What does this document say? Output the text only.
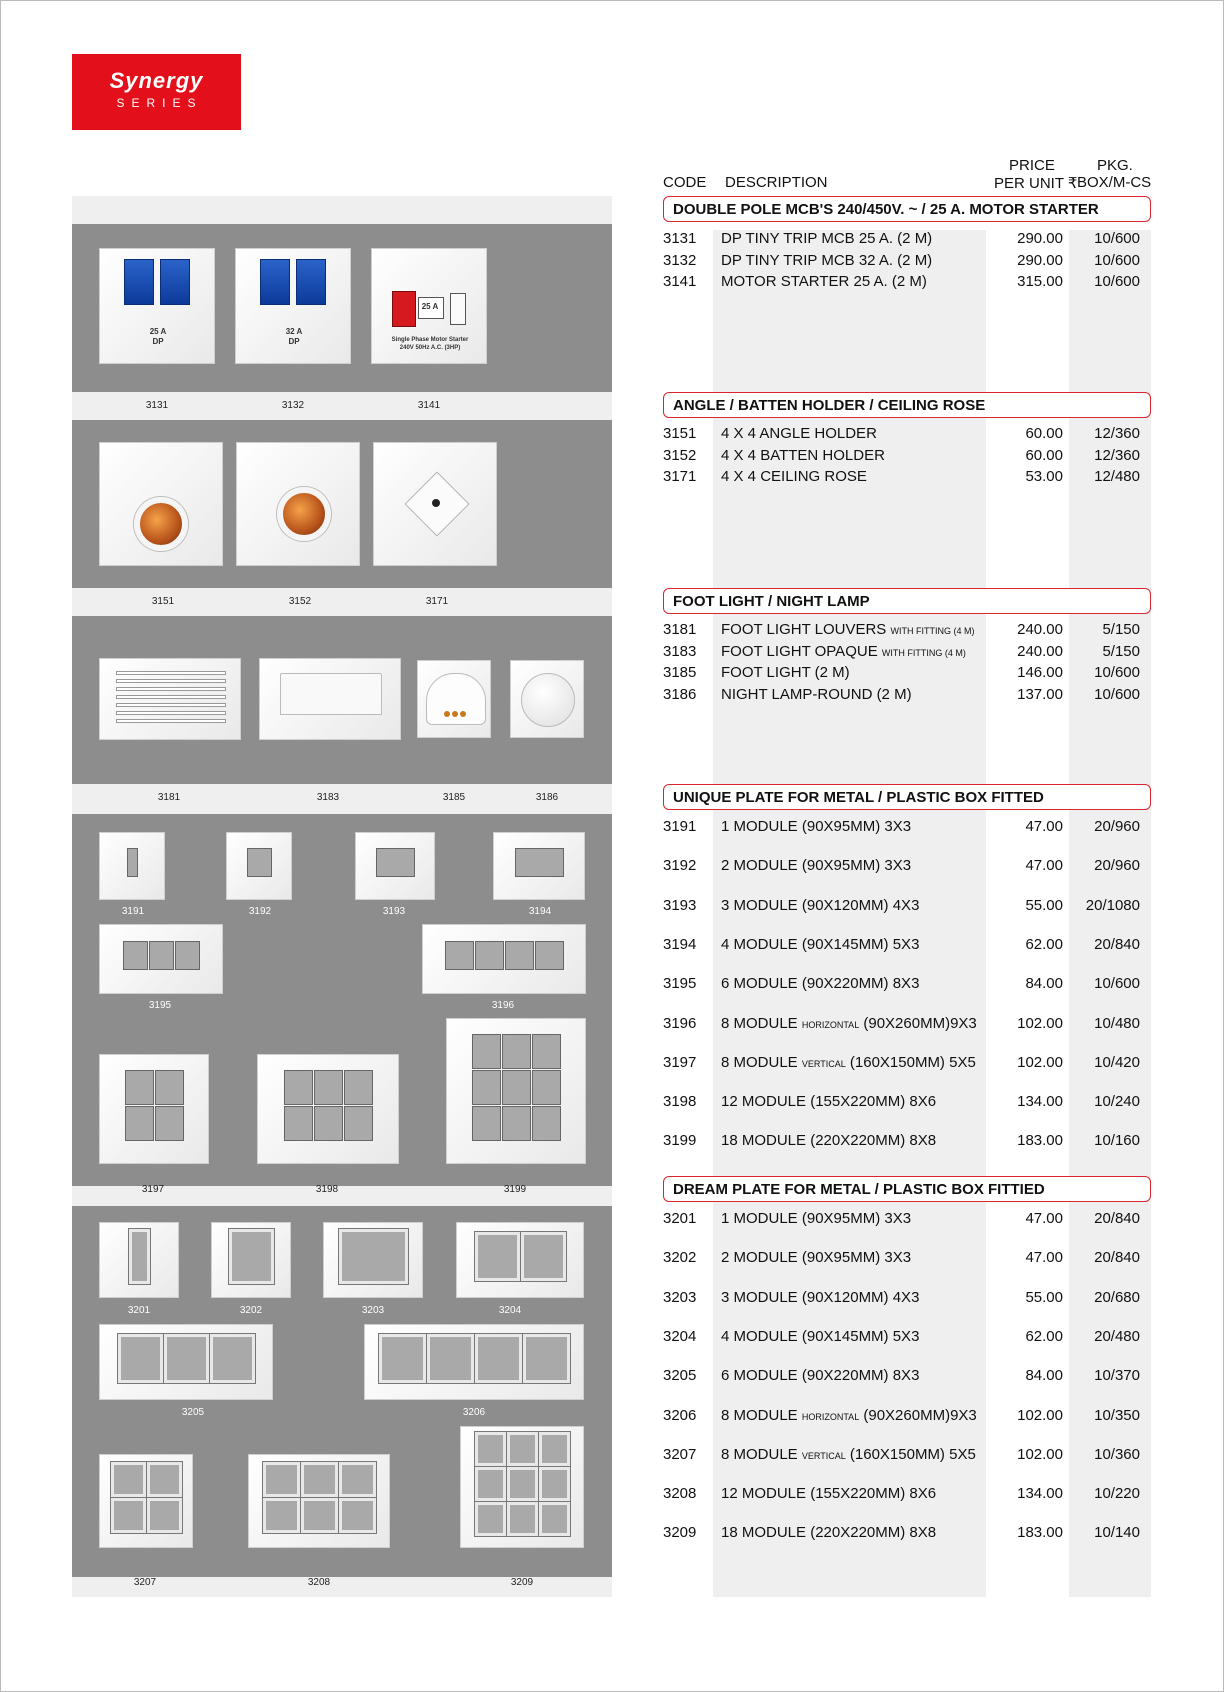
Synergy
SERIES
CODE DESCRIPTION
PRICE
PER UNIT ₹
PKG.
BOX/M-CS
DOUBLE POLE MCB'S 240/450V. ~ / 25 A. MOTOR STARTER
3131 DP TINY TRIP MCB 25 A. (2 M)	290.00	10/600
3132 DP TINY TRIP MCB 32 A. (2 M)	290.00	10/600
3141 MOTOR STARTER 25 A. (2 M)	315.00	10/600
ANGLE / BATTEN HOLDER / CEILING ROSE
3151 4 X 4 ANGLE HOLDER	60.00	12/360
3152 4 X 4 BATTEN HOLDER	60.00	12/360
3171 4 X 4 CEILING ROSE	53.00	12/480
FOOT LIGHT / NIGHT LAMP
3181 FOOT LIGHT LOUVERS WITH FITTING (4 M)	240.00	5/150
3183 FOOT LIGHT OPAQUE WITH FITTING (4 M)	240.00	5/150
3185 FOOT LIGHT (2 M)	146.00	10/600
3186 NIGHT LAMP-ROUND (2 M)	137.00	10/600
UNIQUE PLATE FOR METAL / PLASTIC BOX FITTED
3191 1 MODULE (90X95MM) 3X3	47.00	20/960
3192 2 MODULE (90X95MM) 3X3	47.00	20/960
3193 3 MODULE (90X120MM) 4X3	55.00	20/1080
3194 4 MODULE (90X145MM) 5X3	62.00	20/840
3195 6 MODULE (90X220MM) 8X3	84.00	10/600
3196 8 MODULE HORIZONTAL (90X260MM)9X3	102.00	10/480
3197 8 MODULE VERTICAL (160X150MM) 5X5	102.00	10/420
3198 12 MODULE (155X220MM) 8X6	134.00	10/240
3199 18 MODULE (220X220MM) 8X8	183.00	10/160
DREAM PLATE FOR METAL / PLASTIC BOX FITTIED
3201 1 MODULE (90X95MM) 3X3	47.00	20/840
3202 2 MODULE (90X95MM) 3X3	47.00	20/840
3203 3 MODULE (90X120MM) 4X3	55.00	20/680
3204 4 MODULE (90X145MM) 5X3	62.00	20/480
3205 6 MODULE (90X220MM) 8X3	84.00	10/370
3206 8 MODULE HORIZONTAL (90X260MM)9X3	102.00	10/350
3207 8 MODULE VERTICAL (160X150MM) 5X5	102.00	10/360
3208 12 MODULE (155X220MM) 8X6	134.00	10/220
3209 18 MODULE (220X220MM) 8X8	183.00	10/140
25 A
DP
32 A
DP
25 A
Single Phase Motor Starter
240V 50Hz A.C. (3HP)
3131	3132	3141
3151	3152	3171
3181	3183	3185	3186
3191	3192	3193	3194
3195	3196
3197	3198	3199
3201	3202	3203	3204
3205	3206
3207	3208	3209
